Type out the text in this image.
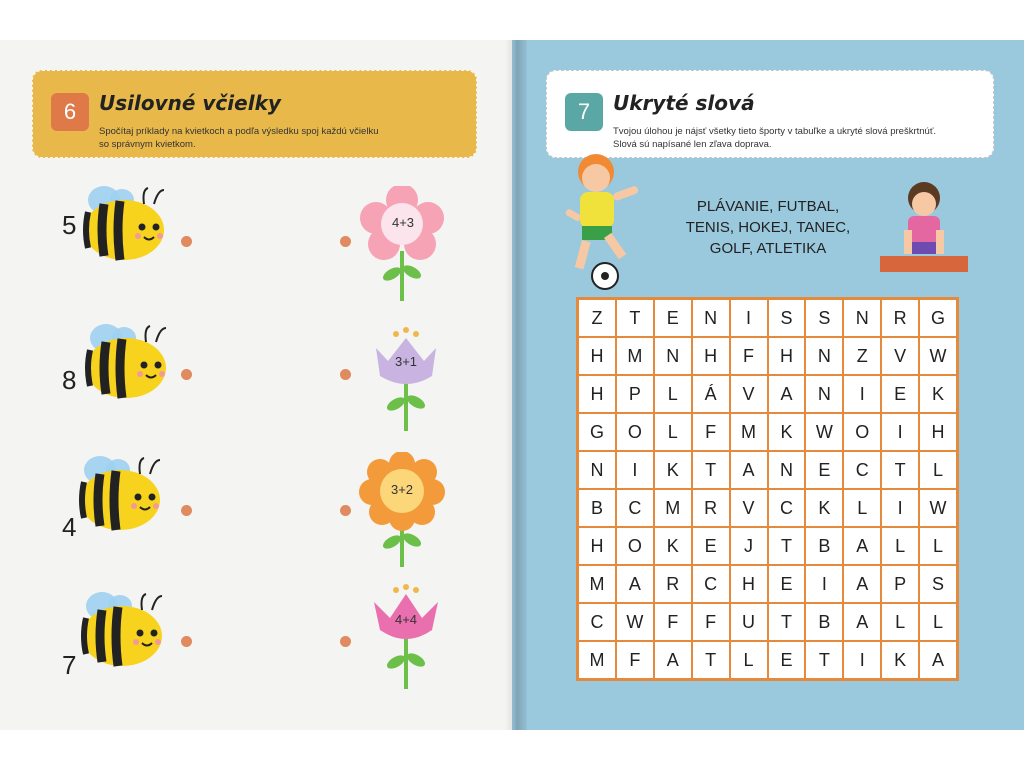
6	Usilovné včielky
Spočítaj príklady na kvietkoch a podľa výsledku spoj každú včielku
so správnym kvietkom.
7	Ukryté slová
Tvojou úlohou je nájsť všetky tieto športy v tabuľke a ukryté slová preškrtnúť.
Slová sú napísané len zľava doprava.
5
8
4
7
4+3
3+1
3+2
4+4
PLÁVANIE, FUTBAL,
TENIS, HOKEJ, TANEC,
GOLF, ATLETIKA
Z	T	E	N	I	S	S	N	R	G
H	M	N	H	F	H	N	Z	V	W
H	P	L	Á	V	A	N	I	E	K
G	O	L	F	M	K	W	O	I	H
N	I	K	T	A	N	E	C	T	L
B	C	M	R	V	C	K	L	I	W
H	O	K	E	J	T	B	A	L	L
M	A	R	C	H	E	I	A	P	S
C	W	F	F	U	T	B	A	L	L
M	F	A	T	L	E	T	I	K	A
